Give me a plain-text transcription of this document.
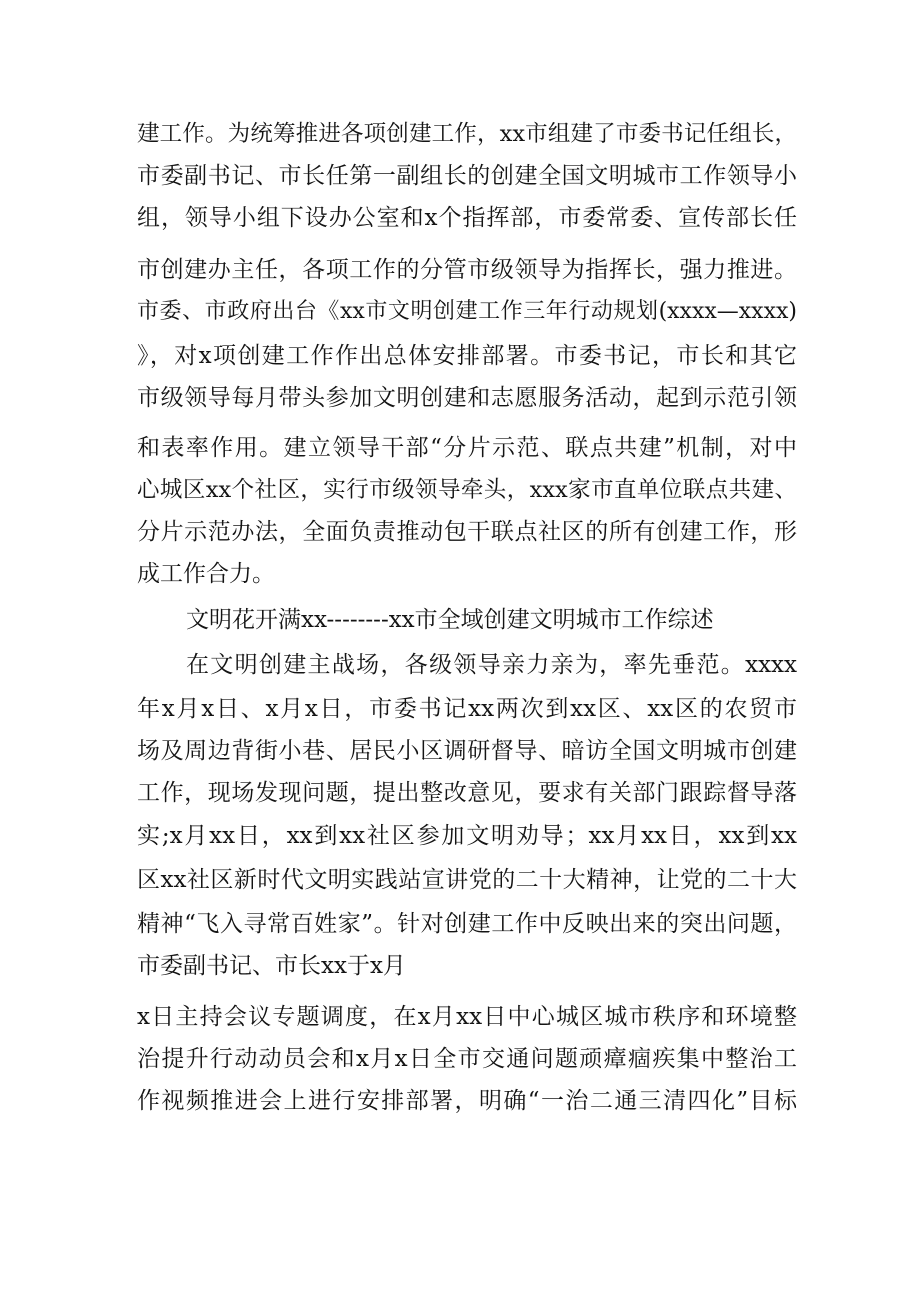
建工作。为统筹推进各项创建工作，xx市组建了市委书记任组长，
市委副书记、市长任第一副组长的创建全国文明城市工作领导小
组，领导小组下设办公室和x个指挥部，市委常委、宣传部长任
市创建办主任，各项工作的分管市级领导为指挥长，强力推进。
市委、市政府出台《xx市文明创建工作三年行动规划(xxxx—xxxx)
》，对x项创建工作作出总体安排部署。市委书记，市长和其它
市级领导每月带头参加文明创建和志愿服务活动，起到示范引领
和表率作用。建立领导干部“分片示范、联点共建”机制，对中
心城区xx个社区，实行市级领导牵头，xxx家市直单位联点共建、
分片示范办法，全面负责推动包干联点社区的所有创建工作，形
成工作合力。
文明花开满xx--------xx市全域创建文明城市工作综述
在文明创建主战场，各级领导亲力亲为，率先垂范。xxxx
年x月x日、x月x日，市委书记xx两次到xx区、xx区的农贸市
场及周边背街小巷、居民小区调研督导、暗访全国文明城市创建
工作，现场发现问题，提出整改意见，要求有关部门跟踪督导落
实;x月xx日，xx到xx社区参加文明劝导；xx月xx日，xx到xx
区xx社区新时代文明实践站宣讲党的二十大精神，让党的二十大
精神“飞入寻常百姓家”。针对创建工作中反映出来的突出问题，
市委副书记、市长xx于x月
x日主持会议专题调度，在x月xx日中心城区城市秩序和环境整
治提升行动动员会和x月x日全市交通问题顽瘴痼疾集中整治工
作视频推进会上进行安排部署，明确“一治二通三清四化”目标
